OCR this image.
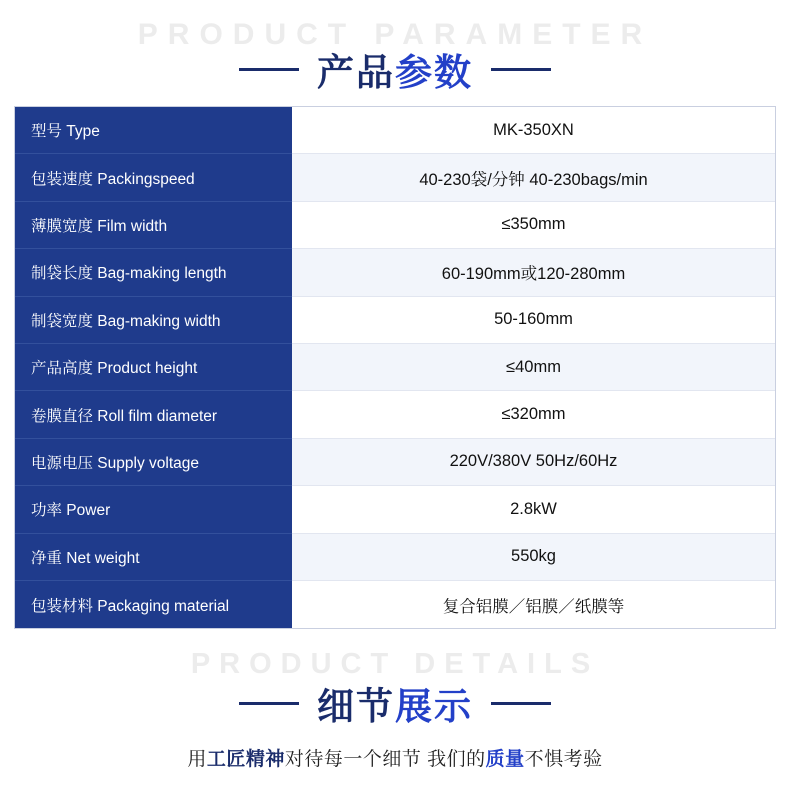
PRODUCT PARAMETER
产品参数
型号 Type	MK-350XN
包装速度 Packingspeed	40-230袋/分钟 40-230bags/min
薄膜宽度 Film width	≤350mm
制袋长度 Bag-making length	60-190mm或120-280mm
制袋宽度 Bag-making width	50-160mm
产品高度 Product height	≤40mm
卷膜直径 Roll film diameter	≤320mm
电源电压 Supply voltage	220V/380V 50Hz/60Hz
功率 Power	2.8kW
净重 Net weight	550kg
包装材料 Packaging material	复合铝膜／铝膜／纸膜等
PRODUCT DETAILS
细节展示
用工匠精神对待每一个细节 我们的质量不惧考验
